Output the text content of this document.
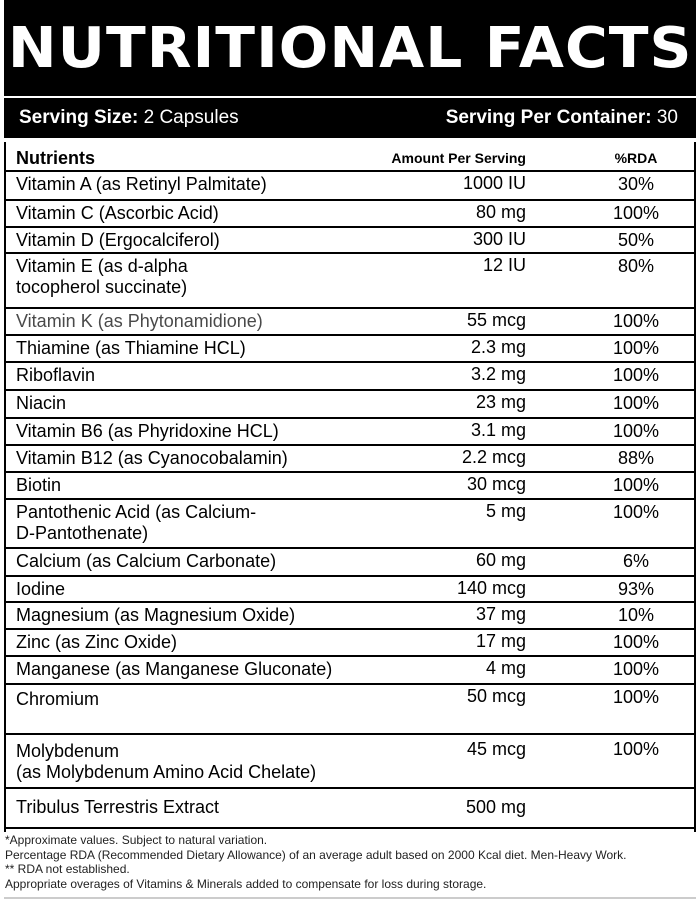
NUTRITIONAL FACTS
Serving Size: 2 Capsules	Serving Per Container: 30
Nutrients	Amount Per Serving	%RDA
Vitamin A (as Retinyl Palmitate)	1000 IU	30%
Vitamin C (Ascorbic Acid)	80 mg	100%
Vitamin D (Ergocalciferol)	300 IU	50%
Vitamin E (as d-alpha
tocopherol succinate)
12 IU	80%
Vitamin K (as Phytonamidione)	55 mcg	100%
Thiamine (as Thiamine HCL)	2.3 mg	100%
Riboflavin	3.2 mg	100%
Niacin	23 mg	100%
Vitamin B6 (as Phyridoxine HCL)	3.1 mg	100%
Vitamin B12 (as Cyanocobalamin)	2.2 mcg	88%
Biotin	30 mcg	100%
Pantothenic Acid (as Calcium-
D-Pantothenate)
5 mg	100%
Calcium (as Calcium Carbonate)	60 mg	6%
Iodine	140 mcg	93%
Magnesium (as Magnesium Oxide)	37 mg	10%
Zinc (as Zinc Oxide)	17 mg	100%
Manganese (as Manganese Gluconate)	4 mg	100%
Chromium	50 mcg	100%
Molybdenum
(as Molybdenum Amino Acid Chelate)
45 mcg	100%
Tribulus Terrestris Extract	500 mg
*Approximate values. Subject to natural variation.
Percentage RDA (Recommended Dietary Allowance) of an average adult based on 2000 Kcal diet. Men-Heavy Work.
** RDA not established.
Appropriate overages of Vitamins & Minerals added to compensate for loss during storage.
